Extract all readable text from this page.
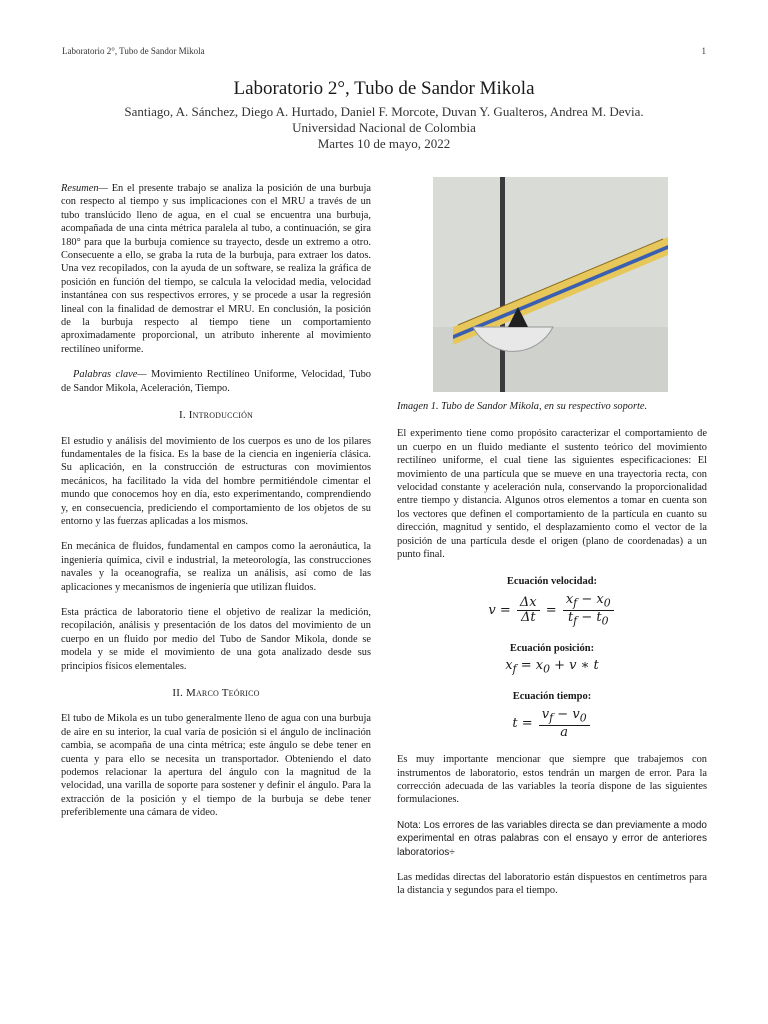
Laboratorio 2°, Tubo de Sandor Mikola	1
Laboratorio 2°, Tubo de Sandor Mikola

Santiago, A. Sánchez, Diego A. Hurtado, Daniel F. Morcote, Duvan Y. Gualteros, Andrea M. Devia.

Universidad Nacional de Colombia

Martes 10 de mayo, 2022

Resumen— En el presente trabajo se analiza la posición de una burbuja con respecto al tiempo y sus implicaciones con el MRU a través de un tubo translúcido lleno de agua, en el cual se encuentra una burbuja, acompañada de una cinta métrica paralela al tubo, a continuación, se gira 180° para que la burbuja comience su trayecto, desde un extremo a otro. Consecuente a ello, se graba la ruta de la burbuja, para extraer los datos. Una vez recopilados, con la ayuda de un software, se realiza la gráfica de posición en función del tiempo, se calcula la velocidad media, velocidad instantánea con sus respectivos errores, y se procede a usar la regresión lineal con la finalidad de demostrar el MRU. En conclusión, la posición de la burbuja respecto al tiempo tiene un comportamiento aproximadamente proporcional, un atributo inherente al movimiento rectilíneo uniforme.

Palabras clave— Movimiento Rectilíneo Uniforme, Velocidad, Tubo de Sandor Mikola, Aceleración, Tiempo.

I. Introducción

El estudio y análisis del movimiento de los cuerpos es uno de los pilares fundamentales de la física. Es la base de la ciencia en ingeniería clásica. Su aplicación, en la construcción de estructuras con movimientos mecánicos, ha facilitado la vida del hombre permitiéndole cimentar el mundo que conocemos hoy en día, esto experimentando, comprendiendo y, en consecuencia, prediciendo el comportamiento de los objetos de su entorno y las fuerzas aplicadas a los mismos.

En mecánica de fluidos, fundamental en campos como la aeronáutica, la ingeniería química, civil e industrial, la meteorología, las construcciones navales y la oceanografía, se realiza un análisis, así como de las aplicaciones y mecanismos de ingeniería que utilizan fluidos.

Esta práctica de laboratorio tiene el objetivo de realizar la medición, recopilación, análisis y presentación de los datos del movimiento de un cuerpo en un fluido por medio del Tubo de Sandor Mikola, donde se modela y se mide el movimiento de una gota analizado desde sus principios físicos elementales.

II. Marco Teórico

El tubo de Mikola es un tubo generalmente lleno de agua con una burbuja de aire en su interior, la cual varía de posición si el ángulo de inclinación cambia, se acompaña de una cinta métrica; este ángulo se debe tener en cuenta y para ello se necesita un transportador. Obteniendo el dato podemos relacionar la apertura del ángulo con la magnitud de la velocidad, una varilla de soporte para sostener y definir el ángulo. Para la extracción de la posición y el tiempo de la burbuja se debe tener preferiblemente una cámara de video.

Imagen 1. Tubo de Sandor Mikola, en su respectivo soporte.

El experimento tiene como propósito caracterizar el comportamiento de un cuerpo en un fluido mediante el sustento teórico del movimiento rectilíneo uniforme, el cual tiene las siguientes especificaciones: El movimiento de una partícula que se mueve en una trayectoria recta, con velocidad constante y aceleración nula, conservando la proporcionalidad entre tiempo y distancia. Algunos otros elementos a tomar en cuenta son los vectores que definen el comportamiento de la partícula en cuanto su dirección, magnitud y sentido, el desplazamiento como el vector de la posición de una partícula desde el origen (plano de coordenadas) a un punto final.

Ecuación velocidad:
$v = \frac{\Delta x}{\Delta t} = \frac{x_f - x_0}{t_f - t_0}$
Ecuación posición:
$x_f = x_0 + v$ ∗ t
Ecuación tiempo:
$t = \frac{v_f - v_0}{a}$

Es muy importante mencionar que siempre que trabajemos con instrumentos de laboratorio, estos tendrán un margen de error. Para la corrección adecuada de las variables la teoría dispone de las siguientes formulaciones.

Nota: Los errores de las variables directa se dan previamente a modo experimental en otras palabras con el ensayo y error de anteriores laboratorios÷

Las medidas directas del laboratorio están dispuestos en centímetros para la distancia y segundos para el tiempo.
